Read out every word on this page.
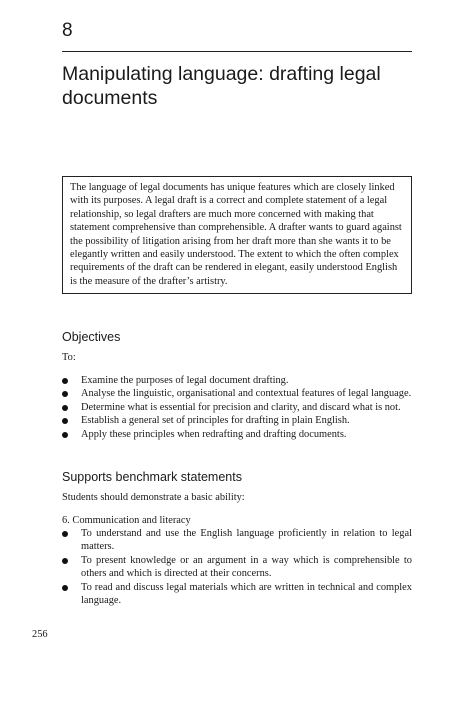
8
Manipulating language: drafting legal documents

The language of legal documents has unique features which are closely linked with its purposes. A legal draft is a correct and complete statement of a legal relationship, so legal drafters are much more concerned with making that statement comprehensive than comprehensible. A drafter wants to guard against the possibility of litigation arising from her draft more than she wants it to be elegantly written and easily understood. The extent to which the often complex requirements of the draft can be rendered in elegant, easily understood English is the measure of the drafter’s artistry.

Objectives
To:
Examine the purposes of legal document drafting.
Analyse the linguistic, organisational and contextual features of legal language.
Determine what is essential for precision and clarity, and discard what is not.
Establish a general set of principles for drafting in plain English.
Apply these principles when redrafting and drafting documents.
Supports benchmark statements
Students should demonstrate a basic ability:
6. Communication and literacy
To understand and use the English language proficiently in relation to legal matters.
To present knowledge or an argument in a way which is comprehensible to others and which is directed at their concerns.
To read and discuss legal materials which are written in technical and complex language.
256
